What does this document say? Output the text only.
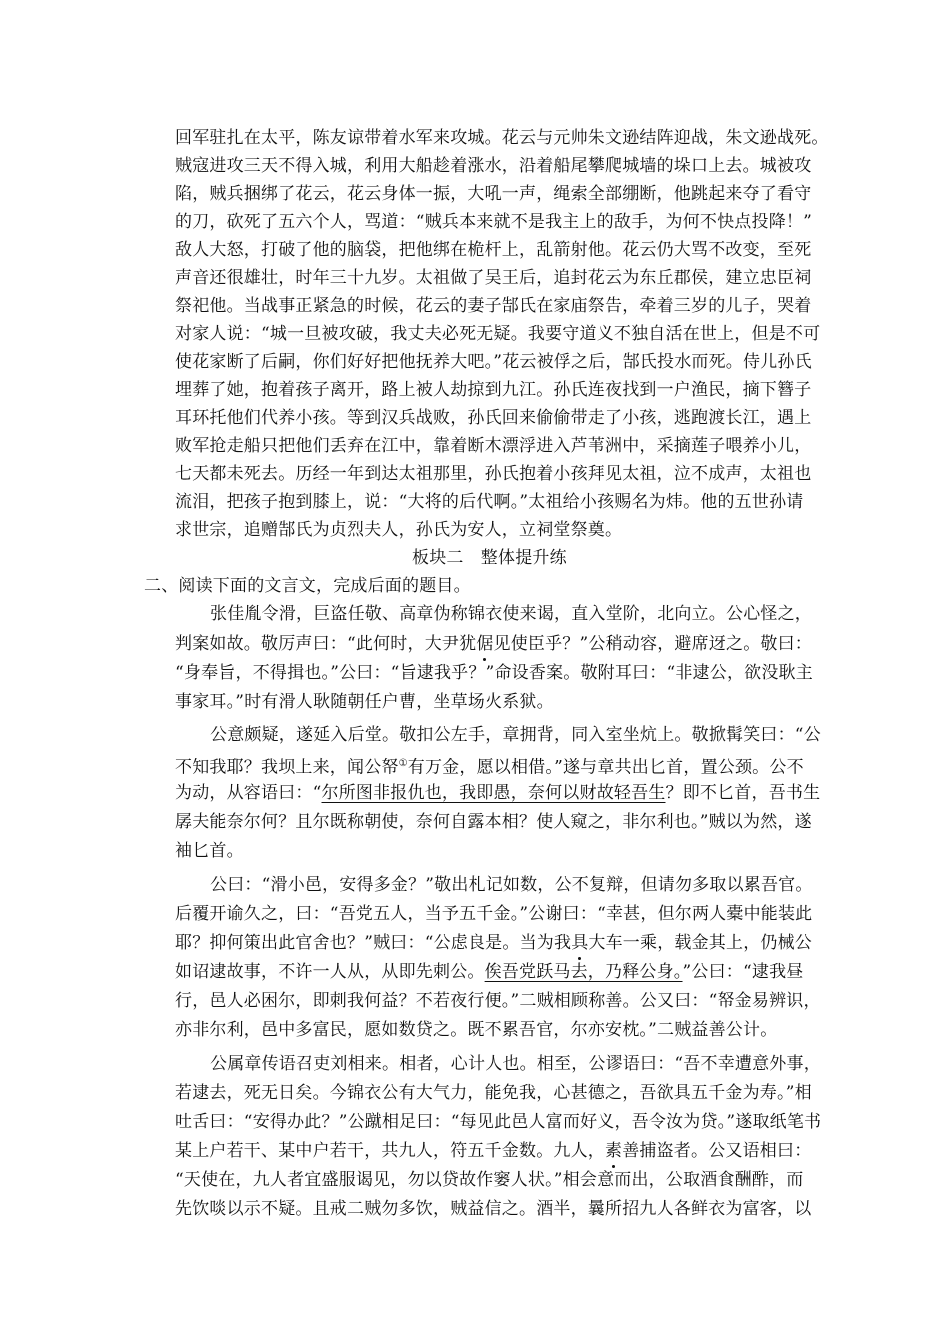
回军驻扎在太平，陈友谅带着水军来攻城。花云与元帅朱文逊结阵迎战，朱文逊战死。
贼寇进攻三天不得入城，利用大船趁着涨水，沿着船尾攀爬城墙的垛口上去。城被攻
陷，贼兵捆绑了花云，花云身体一振，大吼一声，绳索全部绷断，他跳起来夺了看守
的刀，砍死了五六个人，骂道：“贼兵本来就不是我主上的敌手，为何不快点投降！”
敌人大怒，打破了他的脑袋，把他绑在桅杆上，乱箭射他。花云仍大骂不改变，至死
声音还很雄壮，时年三十九岁。太祖做了吴王后，追封花云为东丘郡侯，建立忠臣祠
祭祀他。当战事正紧急的时候，花云的妻子郜氏在家庙祭告，牵着三岁的儿子，哭着
对家人说：“城一旦被攻破，我丈夫必死无疑。我要守道义不独自活在世上，但是不可
使花家断了后嗣，你们好好把他抚养大吧。”花云被俘之后，郜氏投水而死。侍儿孙氏
埋葬了她，抱着孩子离开，路上被人劫掠到九江。孙氏连夜找到一户渔民，摘下簪子
耳环托他们代养小孩。等到汉兵战败，孙氏回来偷偷带走了小孩，逃跑渡长江，遇上
败军抢走船只把他们丢弃在江中，靠着断木漂浮进入芦苇洲中，采摘莲子喂养小儿，
七天都未死去。历经一年到达太祖那里，孙氏抱着小孩拜见太祖，泣不成声，太祖也
流泪，把孩子抱到膝上，说：“大将的后代啊。”太祖给小孩赐名为炜。他的五世孙请
求世宗，追赠郜氏为贞烈夫人，孙氏为安人，立祠堂祭奠。
板块二　整体提升练
二、阅读下面的文言文，完成后面的题目。
张佳胤令滑，巨盗任敬、高章伪称锦衣使来谒，直入堂阶，北向立。公心怪之，
判案如故。敬厉声曰：“此何时，大尹犹倨见使臣乎？”公稍动容，避席迓之。敬曰：
“身奉旨，不得揖也。”公曰：“旨逮我乎？”命设香案。敬附耳曰：“非逮公，欲没耿主
事家耳。”时有滑人耿随朝任户曹，坐草场火系狱。
公意颇疑，遂延入后堂。敬扣公左手，章拥背，同入室坐炕上。敬掀髯笑曰：“公
不知我耶？我坝上来，闻公帑①有万金，愿以相借。”遂与章共出匕首，置公颈。公不
为动，从容语曰：“尔所图非报仇也，我即愚，奈何以财故轻吾生？即不匕首，吾书生
孱夫能奈尔何？且尔既称朝使，奈何自露本相？使人窥之，非尔利也。”贼以为然，遂
袖匕首。
公曰：“滑小邑，安得多金？”敬出札记如数，公不复辩，但请勿多取以累吾官。
后覆开谕久之，曰：“吾党五人，当予五千金。”公谢曰：“幸甚，但尔两人橐中能装此
耶？抑何策出此官舍也？”贼曰：“公虑良是。当为我具大车一乘，载金其上，仍械公
如诏逮故事，不许一人从，从即先刺公。俟吾党跃马去，乃释公身。”公曰：“逮我昼
行，邑人必困尔，即刺我何益？不若夜行便。”二贼相顾称善。公又曰：“帑金易辨识，
亦非尔利，邑中多富民，愿如数贷之。既不累吾官，尔亦安枕。”二贼益善公计。
公属章传语召吏刘相来。相者，心计人也。相至，公谬语曰：“吾不幸遭意外事，
若逮去，死无日矣。今锦衣公有大气力，能免我，心甚德之，吾欲具五千金为寿。”相
吐舌曰：“安得办此？”公蹴相足曰：“每见此邑人富而好义，吾令汝为贷。”遂取纸笔书
某上户若干、某中户若干，共九人，符五千金数。九人，素善捕盗者。公又语相曰：
“天使在，九人者宜盛服谒见，勿以贷故作窭人状。”相会意而出，公取酒食酬酢，而
先饮啖以示不疑。且戒二贼勿多饮，贼益信之。酒半，曩所招九人各鲜衣为富客，以
